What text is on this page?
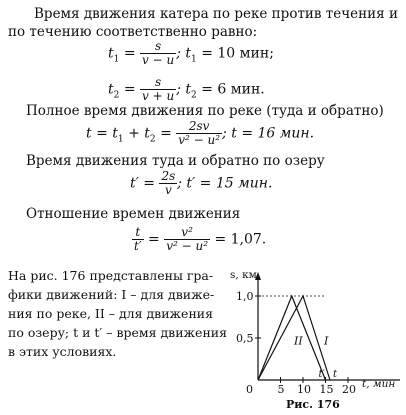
Время движения катера по реке против течения и
по течению соответственно равно:
$t_1 = \frac{s}{v - u}$ ; $t_1 = 10$ мин;
$t_2 = \frac{s}{v + u}$ ; $t_2 = 6$ мин.
Полное время движения по реке (туда и обратно)
$t = t_1 + t_2 = \frac{2sv}{\text{v² − u²}}$ ; t = 16 мин.
Время движения туда и обратно по озеру
$t' = \frac{2s}{v}$ ; t′ = 15 мин.
Отношение времен движения
$\frac{t}{t'} = \frac{\text{v²}}{\text{v² − u²}} = 1,07$.
На рис. 176 представлены гра-
фики движений: I – для движе-
ния по реке, II – для движения
по озеру; t и t′ – время движения
в этих условиях.
s, км
t, мин
1,0
0,5
0 5 10 15 20
I
II
t′ t
Рис. 176
